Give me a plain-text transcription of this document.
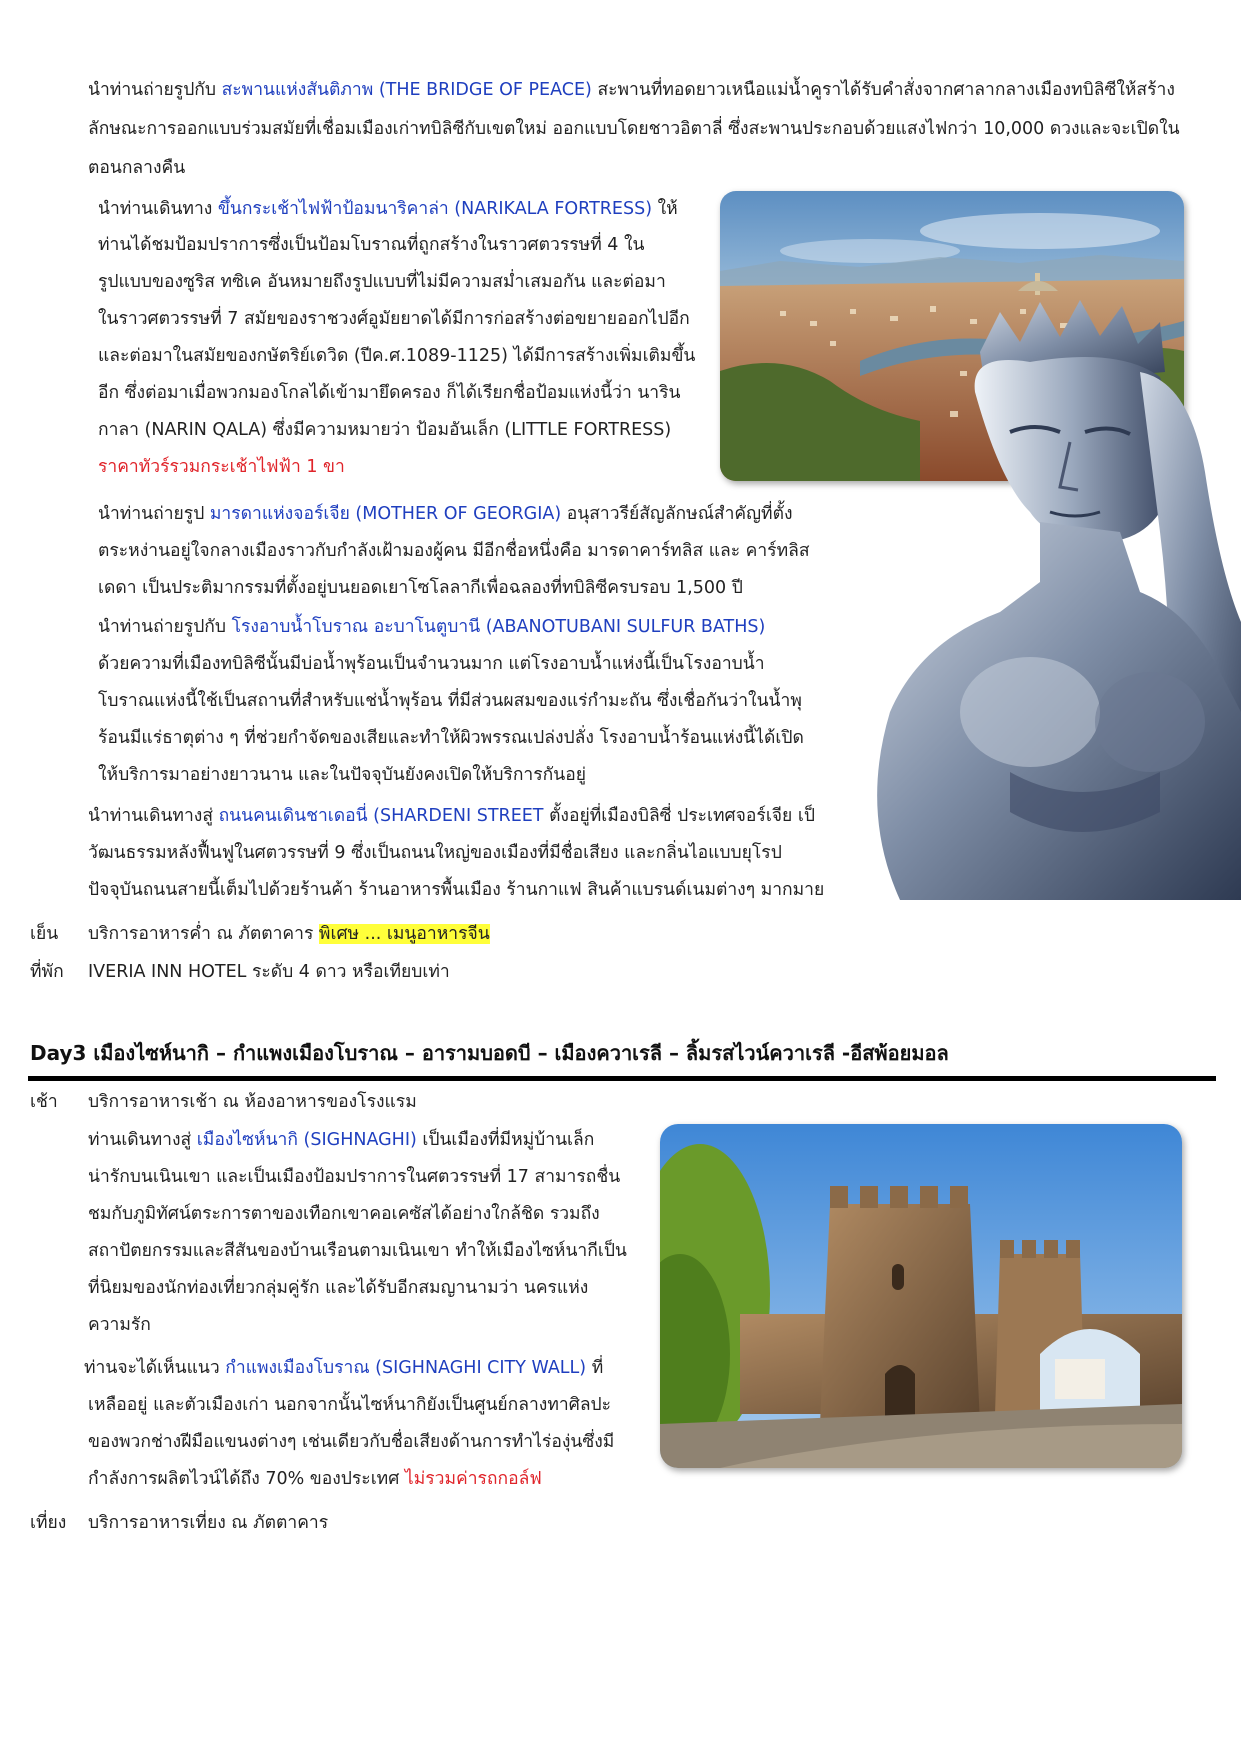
นำท่านถ่ายรูปกับ สะพานแห่งสันติภาพ (THE BRIDGE OF PEACE) สะพานที่ทอดยาวเหนือแม่น้ำคูราได้รับคำสั่งจากศาลากลางเมืองทบิลิซีให้สร้าง
ลักษณะการออกแบบร่วมสมัยที่เชื่อมเมืองเก่าทบิลิซีกับเขตใหม่ ออกแบบโดยชาวอิตาลี่ ซึ่งสะพานประกอบด้วยแสงไฟกว่า 10,000 ดวงและจะเปิดใน
ตอนกลางคืน
นำท่านเดินทาง ขึ้นกระเช้าไฟฟ้าป้อมนาริคาล่า (NARIKALA FORTRESS) ให้
ท่านได้ชมป้อมปราการซึ่งเป็นป้อมโบราณที่ถูกสร้างในราวศตวรรษที่ 4 ใน
รูปแบบของซูริส ทซิเค อันหมายถึงรูปแบบที่ไม่มีความสม่ำเสมอกัน และต่อมา
ในราวศตวรรษที่ 7 สมัยของราชวงศ์อูมัยยาดได้มีการก่อสร้างต่อขยายออกไปอีก
และต่อมาในสมัยของกษัตริย์เดวิด (ปีค.ศ.1089-1125) ได้มีการสร้างเพิ่มเติมขึ้น
อีก ซึ่งต่อมาเมื่อพวกมองโกลได้เข้ามายึดครอง ก็ได้เรียกชื่อป้อมแห่งนี้ว่า นาริน
กาลา (NARIN QALA) ซึ่งมีความหมายว่า ป้อมอันเล็ก (LITTLE FORTRESS)
ราคาทัวร์รวมกระเช้าไฟฟ้า 1 ขา
นำท่านถ่ายรูป มารดาแห่งจอร์เจีย (MOTHER OF GEORGIA) อนุสาวรีย์สัญลักษณ์สำคัญที่ตั้ง
ตระหง่านอยู่ใจกลางเมืองราวกับกำลังเฝ้ามองผู้คน มีอีกชื่อหนึ่งคือ มารดาคาร์ทลิส และ คาร์ทลิส
เดดา เป็นประติมากรรมที่ตั้งอยู่บนยอดเยาโซโลลากีเพื่อฉลองที่ทบิลิซีครบรอบ 1,500 ปี
นำท่านถ่ายรูปกับ โรงอาบน้ำโบราณ อะบาโนตูบานี (ABANOTUBANI SULFUR BATHS)
ด้วยความที่เมืองทบิลิซีนั้นมีบ่อน้ำพุร้อนเป็นจำนวนมาก แต่โรงอาบน้ำแห่งนี้เป็นโรงอาบน้ำ
โบราณแห่งนี้ใช้เป็นสถานที่สำหรับแช่น้ำพุร้อน ที่มีส่วนผสมของแร่กำมะถัน ซึ่งเชื่อกันว่าในน้ำพุ
ร้อนมีแร่ธาตุต่าง ๆ ที่ช่วยกำจัดของเสียและทำให้ผิวพรรณเปล่งปลั่ง โรงอาบน้ำร้อนแห่งนี้ได้เปิด
ให้บริการมาอย่างยาวนาน และในปัจจุบันยังคงเปิดให้บริการกันอยู่
นำท่านเดินทางสู่ ถนนคนเดินชาเดอนี่ (SHARDENI STREET ตั้งอยู่ที่เมืองบิลิซี่ ประเทศจอร์เจีย เป็
วัฒนธรรมหลังฟื้นฟูในศตวรรษที่ 9 ซึ่งเป็นถนนใหญ่ของเมืองที่มีชื่อเสียง และกลิ่นไอแบบยุโรป
ปัจจุบันถนนสายนี้เต็มไปด้วยร้านค้า ร้านอาหารพื้นเมือง ร้านกาแฟ สินค้าแบรนด์เนมต่างๆ มากมาย
เย็น บริการอาหารค่ำ ณ ภัตตาคาร พิเศษ ... เมนูอาหารจีน
ที่พัก IVERIA INN HOTEL ระดับ 4 ดาว หรือเทียบเท่า
Day3 เมืองไซห์นากิ – กำแพงเมืองโบราณ – อารามบอดบี – เมืองควาเรลี – ลิ้มรสไวน์ควาเรลี -อีสพ้อยมอล
เช้า บริการอาหารเช้า ณ ห้องอาหารของโรงแรม
ท่านเดินทางสู่ เมืองไซห์นากิ (SIGHNAGHI) เป็นเมืองที่มีหมู่บ้านเล็ก
น่ารักบนเนินเขา และเป็นเมืองป้อมปราการในศตวรรษที่ 17 สามารถชื่น
ชมกับภูมิทัศน์ตระการตาของเทือกเขาคอเคซัสได้อย่างใกล้ชิด รวมถึง
สถาปัตยกรรมและสีสันของบ้านเรือนตามเนินเขา ทำให้เมืองไซห์นากีเป็น
ที่นิยมของนักท่องเที่ยวกลุ่มคู่รัก และได้รับอีกสมญานามว่า นครแห่ง
ความรัก
ท่านจะได้เห็นแนว กำแพงเมืองโบราณ (SIGHNAGHI CITY WALL) ที่
เหลืออยู่ และตัวเมืองเก่า นอกจากนั้นไซห์นากิยังเป็นศูนย์กลางทาศิลปะ
ของพวกช่างฝีมือแขนงต่างๆ เช่นเดียวกับชื่อเสียงด้านการทำไร่องุ่นซึ่งมี
กำลังการผลิตไวน์ได้ถึง 70% ของประเทศ ไม่รวมค่ารถกอล์ฟ
เที่ยง บริการอาหารเที่ยง ณ ภัตตาคาร
